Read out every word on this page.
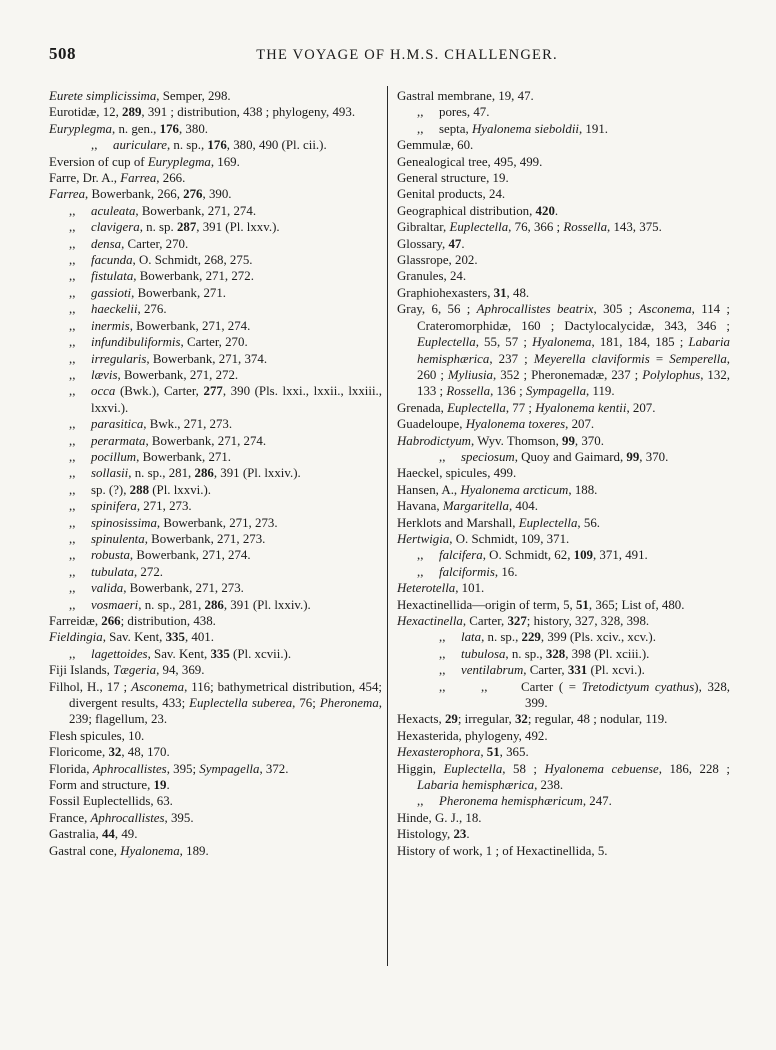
508	THE VOYAGE OF H.M.S. CHALLENGER.
Eurete simplicissima, Semper, 298.
Eurotidæ, 12, 289, 391 ; distribution, 438 ; phylogeny, 493.
Euryplegma, n. gen., 176, 380.
,, auriculare, n. sp., 176, 380, 490 (Pl. cii.).
Eversion of cup of Euryplegma, 169.
Farre, Dr. A., Farrea, 266.
Farrea, Bowerbank, 266, 276, 390.
,, aculeata, Bowerbank, 271, 274.
,, clavigera, n. sp. 287, 391 (Pl. lxxv.).
,, densa, Carter, 270.
,, facunda, O. Schmidt, 268, 275.
,, fistulata, Bowerbank, 271, 272.
,, gassioti, Bowerbank, 271.
,, haeckelii, 276.
,, inermis, Bowerbank, 271, 274.
,, infundibuliformis, Carter, 270.
,, irregularis, Bowerbank, 271, 374.
,, lævis, Bowerbank, 271, 272.
,, occa (Bwk.), Carter, 277, 390 (Pls. lxxi., lxxii., lxxiii., lxxvi.).
,, parasitica, Bwk., 271, 273.
,, perarmata, Bowerbank, 271, 274.
,, pocillum, Bowerbank, 271.
,, sollasii, n. sp., 281, 286, 391 (Pl. lxxiv.).
,, sp. (?), 288 (Pl. lxxvi.).
,, spinifera, 271, 273.
,, spinosissima, Bowerbank, 271, 273.
,, spinulenta, Bowerbank, 271, 273.
,, robusta, Bowerbank, 271, 274.
,, tubulata, 272.
,, valida, Bowerbank, 271, 273.
,, vosmaeri, n. sp., 281, 286, 391 (Pl. lxxiv.).
Farreidæ, 266; distribution, 438.
Fieldingia, Sav. Kent, 335, 401.
,, lagettoides, Sav. Kent, 335 (Pl. xcvii.).
Fiji Islands, Tægeria, 94, 369.
Filhol, H., 17 ; Asconema, 116; bathymetrical distribution, 454; divergent results, 433; Euplectella suberea, 76; Pheronema, 239; flagellum, 23.
Flesh spicules, 10.
Floricome, 32, 48, 170.
Florida, Aphrocallistes, 395; Sympagella, 372.
Form and structure, 19.
Fossil Euplectellids, 63.
France, Aphrocallistes, 395.
Gastralia, 44, 49.
Gastral cone, Hyalonema, 189.
Gastral membrane, 19, 47.
,, pores, 47.
,, septa, Hyalonema sieboldii, 191.
Gemmulæ, 60.
Genealogical tree, 495, 499.
General structure, 19.
Genital products, 24.
Geographical distribution, 420.
Gibraltar, Euplectella, 76, 366 ; Rossella, 143, 375.
Glossary, 47.
Glassrope, 202.
Granules, 24.
Graphiohexasters, 31, 48.
Gray, 6, 56 ; Aphrocallistes beatrix, 305 ; Asconema, 114 ; Crateromorphidæ, 160 ; Dactylocalycidæ, 343, 346 ; Euplectella, 55, 57 ; Hyalonema, 181, 184, 185 ; Labaria hemisphærica, 237 ; Meyerella claviformis = Semperella, 260 ; Myliusia, 352 ; Pheronemadæ, 237 ; Polylophus, 132, 133 ; Rossella, 136 ; Sympagella, 119.
Grenada, Euplectella, 77 ; Hyalonema kentii, 207.
Guadeloupe, Hyalonema toxeres, 207.
Habrodictyum, Wyv. Thomson, 99, 370.
,, speciosum, Quoy and Gaimard, 99, 370.
Haeckel, spicules, 499.
Hansen, A., Hyalonema arcticum, 188.
Havana, Margaritella, 404.
Herklots and Marshall, Euplectella, 56.
Hertwigia, O. Schmidt, 109, 371.
,, falcifera, O. Schmidt, 62, 109, 371, 491.
,, falciformis, 16.
Heterotella, 101.
Hexactinellida—origin of term, 5, 51, 365; List of, 480.
Hexactinella, Carter, 327; history, 327, 328, 398.
,, lata, n. sp., 229, 399 (Pls. xciv., xcv.).
,, tubulosa, n. sp., 328, 398 (Pl. xciii.).
,, ventilabrum, Carter, 331 (Pl. xcvi.).
,,	,,	Carter ( = Tretodictyum cyathus), 328, 399.
Hexacts, 29; irregular, 32; regular, 48 ; nodular, 119.
Hexasterida, phylogeny, 492.
Hexasterophora, 51, 365.
Higgin, Euplectella, 58 ; Hyalonema cebuense, 186, 228 ; Labaria hemisphærica, 238.
,, Pheronema hemisphæricum, 247.
Hinde, G. J., 18.
Histology, 23.
History of work, 1 ; of Hexactinellida, 5.
